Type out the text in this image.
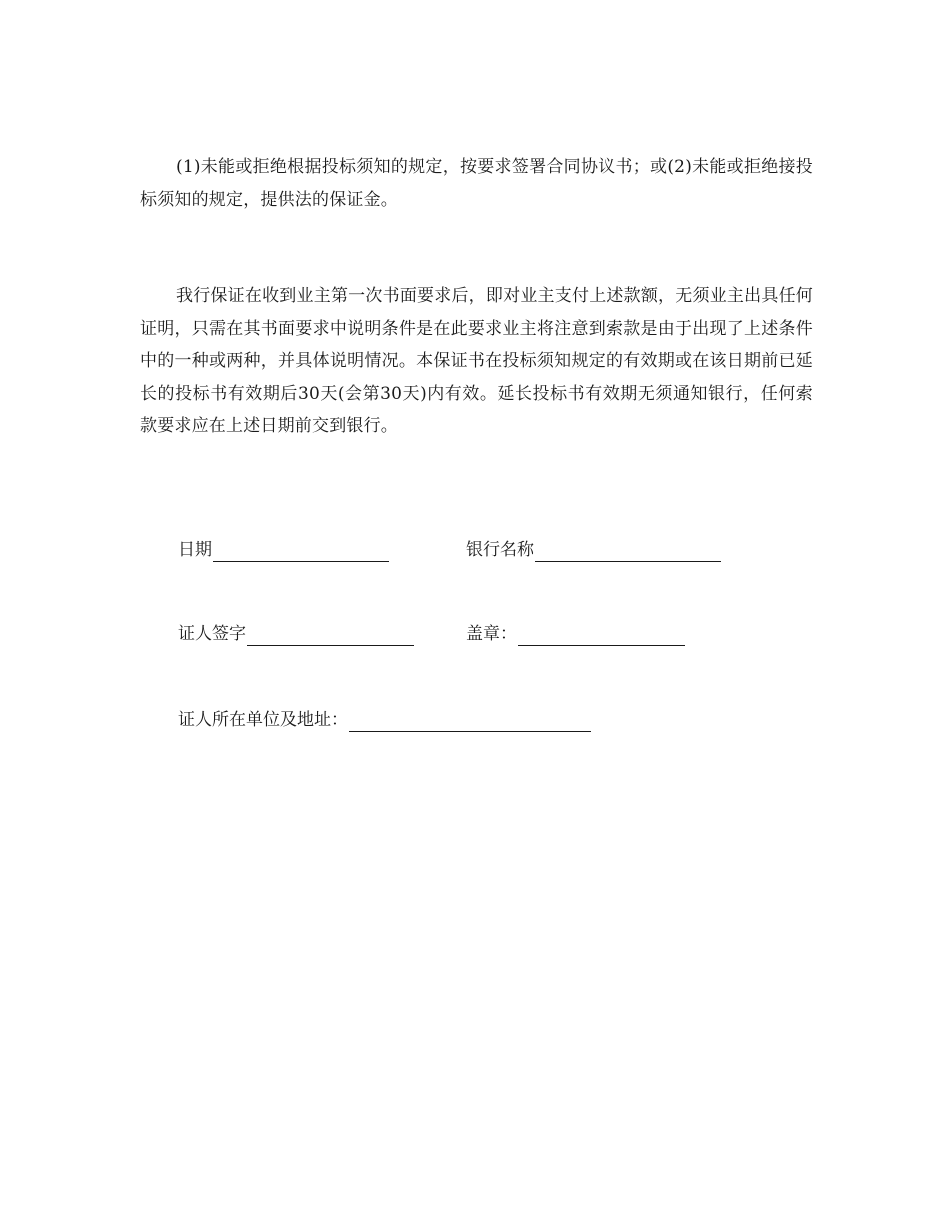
(1)未能或拒绝根据投标须知的规定，按要求签署合同协议书；或(2)未能或拒绝接投标须知的规定，提供法的保证金。

我行保证在收到业主第一次书面要求后，即对业主支付上述款额，无须业主出具任何证明，只需在其书面要求中说明条件是在此要求业主将注意到索款是由于出现了上述条件中的一种或两种，并具体说明情况。本保证书在投标须知规定的有效期或在该日期前已延长的投标书有效期后30天(会第30天)内有效。延长投标书有效期无须通知银行，任何索款要求应在上述日期前交到银行。

日期	银行名称
证人签字	盖章：
证人所在单位及地址：
